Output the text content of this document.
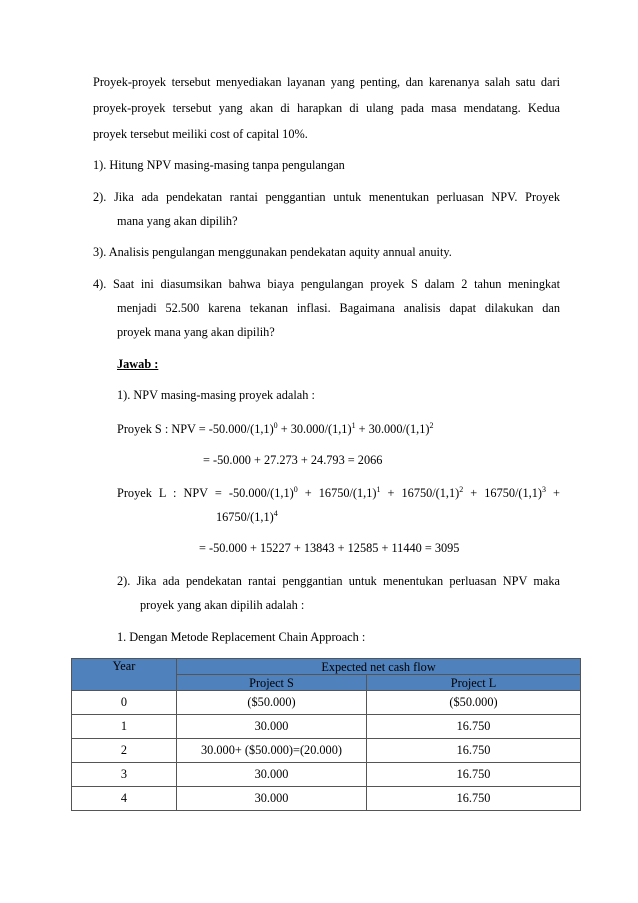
Proyek-proyek tersebut menyediakan layanan yang penting, dan karenanya salah satu dari
proyek-proyek tersebut yang akan di harapkan di ulang pada masa mendatang. Kedua
proyek tersebut meiliki cost of capital 10%.
1). Hitung NPV masing-masing tanpa pengulangan
2). Jika ada pendekatan rantai penggantian untuk menentukan perluasan NPV. Proyek
mana yang akan dipilih?
3). Analisis pengulangan menggunakan pendekatan aquity annual anuity.
4). Saat ini diasumsikan bahwa biaya pengulangan proyek S dalam 2 tahun meningkat
menjadi 52.500 karena tekanan inflasi. Bagaimana analisis dapat dilakukan dan
proyek mana yang akan dipilih?
Jawab :
1). NPV masing-masing proyek adalah :
Proyek S : NPV = $-50.000/(1,1)^0 + 30.000/(1,1)^1 + 30.000/(1,1)^2$
= -50.000 + 27.273 + 24.793 = 2066
Proyek  L  :  NPV  =  $-50.000/(1,1)^0 + 16750/(1,1)^1 + 16750/(1,1)^2 + 16750/(1,1)^3$  +
$16750/(1,1)^4$
= -50.000 + 15227 + 13843 + 12585 + 11440 = 3095
2). Jika ada pendekatan rantai penggantian untuk menentukan perluasan NPV maka
proyek yang akan dipilih adalah :
1. Dengan Metode Replacement Chain Approach :
Year	Expected net cash flow	
	Project S	Project L
0	($50.000)	($50.000)
1	30.000	16.750
2	30.000+ ($50.000)=(20.000)	16.750
3	30.000	16.750
4	30.000	16.750
